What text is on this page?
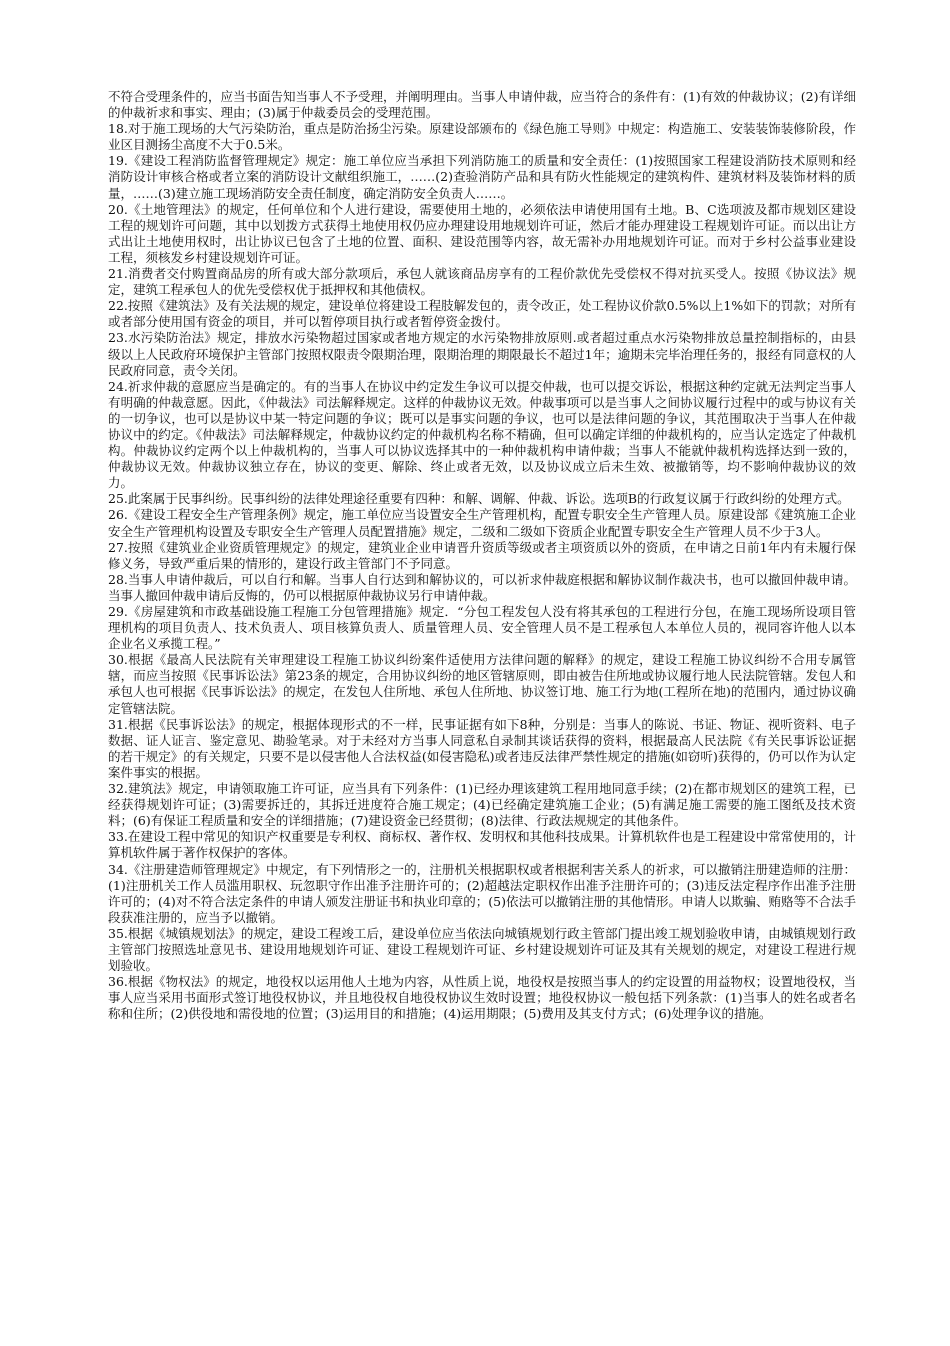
不符合受理条件的，应当书面告知当事人不予受理，并阐明理由。当事人申请仲裁，应当符合的条件有：(1)有效的仲裁协议；(2)有详细的仲裁祈求和事实、理由；(3)属于仲裁委员会的受理范围。

18.对于施工现场的大气污染防治，重点是防治扬尘污染。原建设部颁布的《绿色施工导则》中规定：构造施工、安装装饰装修阶段，作业区目测扬尘高度不大于0.5米。

19.《建设工程消防监督管理规定》规定：施工单位应当承担下列消防施工的质量和安全责任：(1)按照国家工程建设消防技术原则和经消防设计审核合格或者立案的消防设计文献组织施工，……(2)查验消防产品和具有防火性能规定的建筑构件、建筑材料及装饰材料的质量，……(3)建立施工现场消防安全责任制度，确定消防安全负责人……。

20.《土地管理法》的规定，任何单位和个人进行建设，需要使用土地的，必须依法申请使用国有土地。B、C选项波及都市规划区建设工程的规划许可问题，其中以划拨方式获得土地使用权仍应办理建设用地规划许可证，然后才能办理建设工程规划许可证。而以出让方式出让土地使用权时，出让协议已包含了土地的位置、面积、建设范围等内容，故无需补办用地规划许可证。而对于乡村公益事业建设工程，须核发乡村建设规划许可证。

21.消费者交付购置商品房的所有或大部分款项后，承包人就该商品房享有的工程价款优先受偿权不得对抗买受人。按照《协议法》规定，建筑工程承包人的优先受偿权优于抵押权和其他债权。

22.按照《建筑法》及有关法规的规定，建设单位将建设工程肢解发包的，责令改正，处工程协议价款0.5%以上1%如下的罚款；对所有或者部分使用国有资金的项目，并可以暂停项目执行或者暂停资金拨付。

23.水污染防治法》规定，排放水污染物超过国家或者地方规定的水污染物排放原则.或者超过重点水污染物排放总量控制指标的，由县级以上人民政府环境保护主管部门按照权限责令限期治理，限期治理的期限最长不超过1年；逾期未完毕治理任务的，报经有同意权的人民政府同意，责令关闭。

24.祈求仲裁的意愿应当是确定的。有的当事人在协议中约定发生争议可以提交仲裁，也可以提交诉讼，根据这种约定就无法判定当事人有明确的仲裁意愿。因此，《仲裁法》司法解释规定。这样的仲裁协议无效。仲裁事项可以是当事人之间协议履行过程中的或与协议有关的一切争议，也可以是协议中某一特定问题的争议；既可以是事实问题的争议，也可以是法律问题的争议，其范围取决于当事人在仲裁协议中的约定。《仲裁法》司法解释规定，仲裁协议约定的仲裁机构名称不精确，但可以确定详细的仲裁机构的，应当认定选定了仲裁机构。仲裁协议约定两个以上仲裁机构的，当事人可以协议选择其中的一种仲裁机构申请仲裁；当事人不能就仲裁机构选择达到一致的，仲裁协议无效。仲裁协议独立存在，协议的变更、解除、终止或者无效，以及协议成立后未生效、被撤销等，均不影响仲裁协议的效力。

25.此案属于民事纠纷。民事纠纷的法律处理途径重要有四种：和解、调解、仲裁、诉讼。选项B的行政复议属于行政纠纷的处理方式。

26.《建设工程安全生产管理条例》规定，施工单位应当设置安全生产管理机构，配置专职安全生产管理人员。原建设部《建筑施工企业安全生产管理机构设置及专职安全生产管理人员配置措施》规定，二级和二级如下资质企业配置专职安全生产管理人员不少于3人。

27.按照《建筑业企业资质管理规定》的规定，建筑业企业申请晋升资质等级或者主项资质以外的资质，在申请之日前1年内有未履行保修义务，导致严重后果的情形的，建设行政主管部门不予同意。

28.当事人申请仲裁后，可以自行和解。当事人自行达到和解协议的，可以祈求仲裁庭根据和解协议制作裁决书，也可以撤回仲裁申请。当事人撤回仲裁申请后反悔的，仍可以根据原仲裁协议另行申请仲裁。

29.《房屋建筑和市政基础设施工程施工分包管理措施》规定．“分包工程发包人没有将其承包的工程进行分包，在施工现场所设项目管理机构的项目负责人、技术负责人、项目核算负责人、质量管理人员、安全管理人员不是工程承包人本单位人员的，视同容许他人以本企业名义承揽工程。”

30.根据《最高人民法院有关审理建设工程施工协议纠纷案件适使用方法律问题的解释》的规定，建设工程施工协议纠纷不合用专属管辖，而应当按照《民事诉讼法》第23条的规定，合用协议纠纷的地区管辖原则，即由被告住所地或协议履行地人民法院管辖。发包人和承包人也可根据《民事诉讼法》的规定，在发包人住所地、承包人住所地、协议签订地、施工行为地(工程所在地)的范围内，通过协议确定管辖法院。

31.根据《民事诉讼法》的规定，根据体现形式的不一样，民事证据有如下8种，分别是：当事人的陈说、书证、物证、视听资料、电子数据、证人证言、鉴定意见、勘验笔录。对于未经对方当事人同意私自录制其谈话获得的资料，根据最高人民法院《有关民事诉讼证据的若干规定》的有关规定，只要不是以侵害他人合法权益(如侵害隐私)或者违反法律严禁性规定的措施(如窃听)获得的，仍可以作为认定案件事实的根据。

32.建筑法》规定，申请领取施工许可证，应当具有下列条件：(1)已经办理该建筑工程用地同意手续；(2)在都市规划区的建筑工程，已经获得规划许可证；(3)需要拆迁的，其拆迁进度符合施工规定；(4)已经确定建筑施工企业；(5)有满足施工需要的施工图纸及技术资料；(6)有保证工程质量和安全的详细措施；(7)建设资金已经贯彻；(8)法律、行政法规规定的其他条件。

33.在建设工程中常见的知识产权重要是专利权、商标权、著作权、发明权和其他科技成果。计算机软件也是工程建设中常常使用的，计算机软件属于著作权保护的客体。

34.《注册建造师管理规定》中规定，有下列情形之一的，注册机关根据职权或者根据利害关系人的祈求，可以撤销注册建造师的注册：(1)注册机关工作人员滥用职权、玩忽职守作出准予注册许可的；(2)超越法定职权作出准予注册许可的；(3)违反法定程序作出准予注册许可的；(4)对不符合法定条件的申请人颁发注册证书和执业印章的；(5)依法可以撤销注册的其他情形。申请人以欺骗、贿赂等不合法手段获准注册的，应当予以撤销。

35.根据《城镇规划法》的规定，建设工程竣工后，建设单位应当依法向城镇规划行政主管部门提出竣工规划验收申请，由城镇规划行政主管部门按照选址意见书、建设用地规划许可证、建设工程规划许可证、乡村建设规划许可证及其有关规划的规定，对建设工程进行规划验收。

36.根据《物权法》的规定，地役权以运用他人土地为内容，从性质上说，地役权是按照当事人的约定设置的用益物权；设置地役权，当事人应当采用书面形式签订地役权协议，并且地役权自地役权协议生效时设置；地役权协议一般包括下列条款：(1)当事人的姓名或者名称和住所；(2)供役地和需役地的位置；(3)运用目的和措施；(4)运用期限；(5)费用及其支付方式；(6)处理争议的措施。
